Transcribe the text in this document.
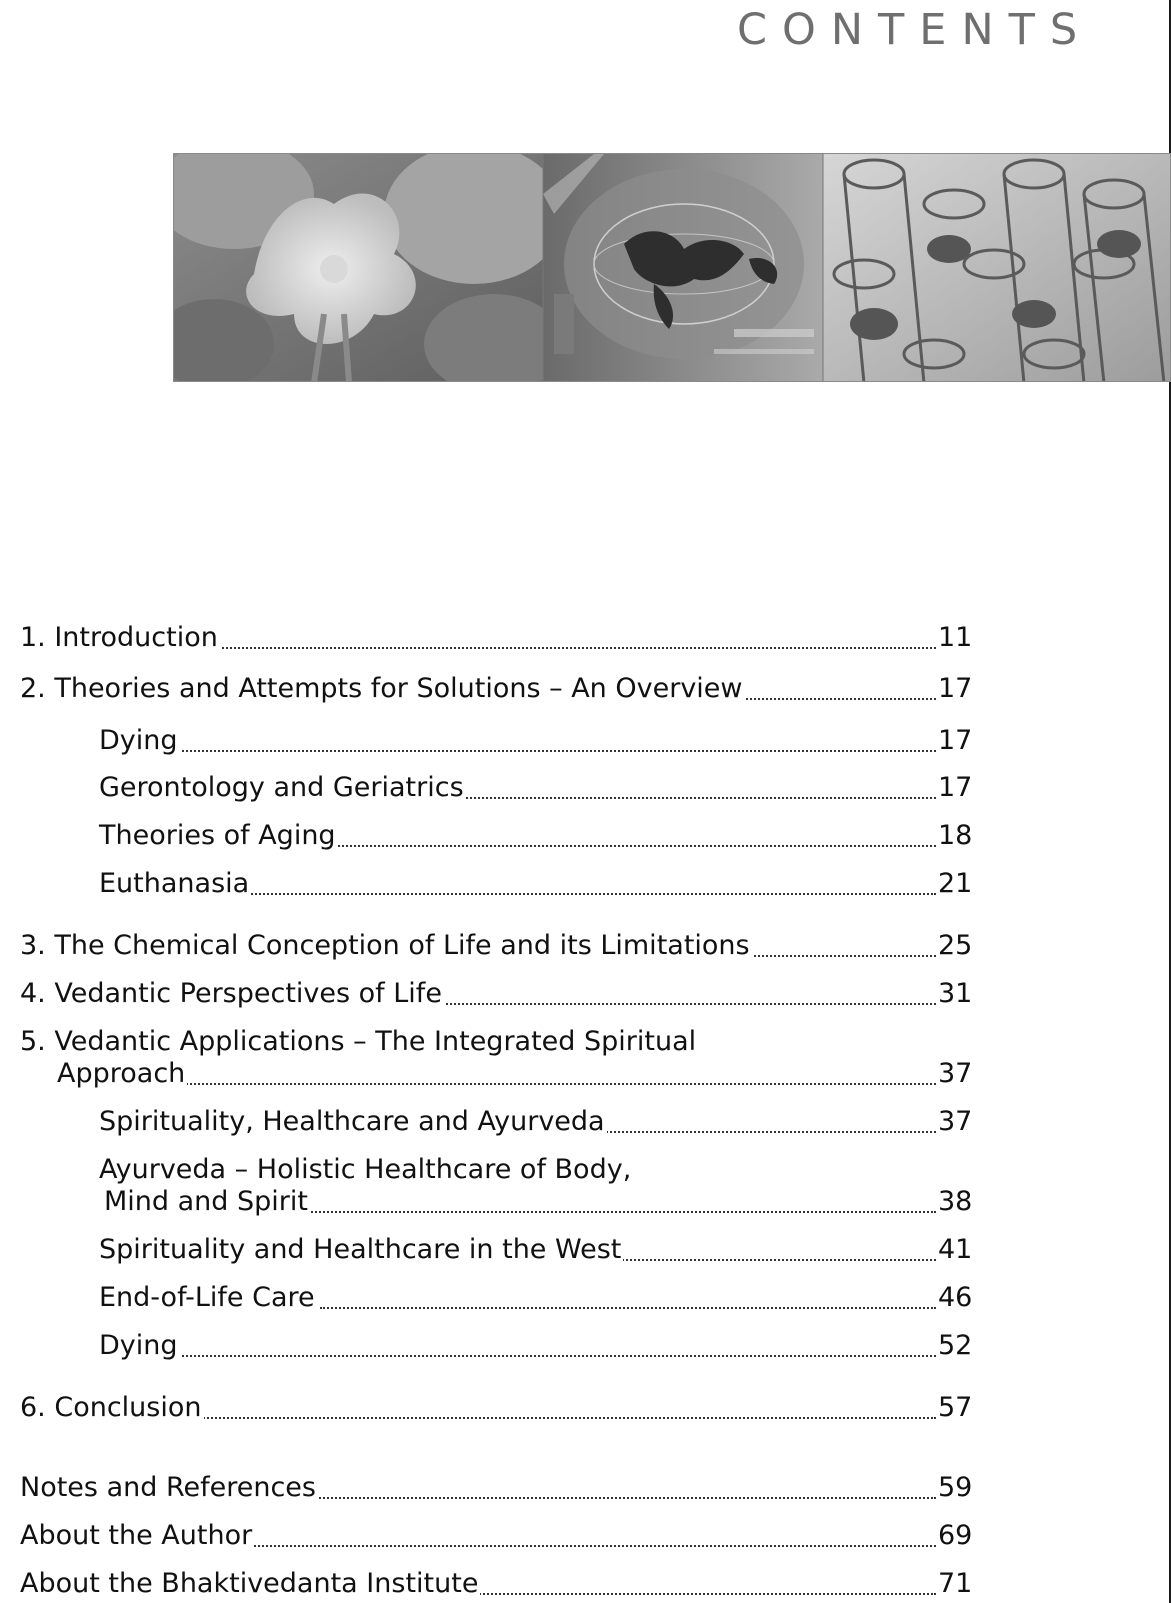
CONTENTS
1. Introduction	11
2. Theories and Attempts for Solutions – An Overview	17
Dying	17
Gerontology and Geriatrics	17
Theories of Aging	18
Euthanasia	21
3. The Chemical Conception of Life and its Limitations	25
4. Vedantic Perspectives of Life	31
5. Vedantic Applications – The Integrated Spiritual
Approach	37
Spirituality, Healthcare and Ayurveda	37
Ayurveda – Holistic Healthcare of Body,
Mind and Spirit	38
Spirituality and Healthcare in the West	41
End-of-Life Care	46
Dying	52
6. Conclusion	57
Notes and References	59
About the Author	69
About the Bhaktivedanta Institute	71
